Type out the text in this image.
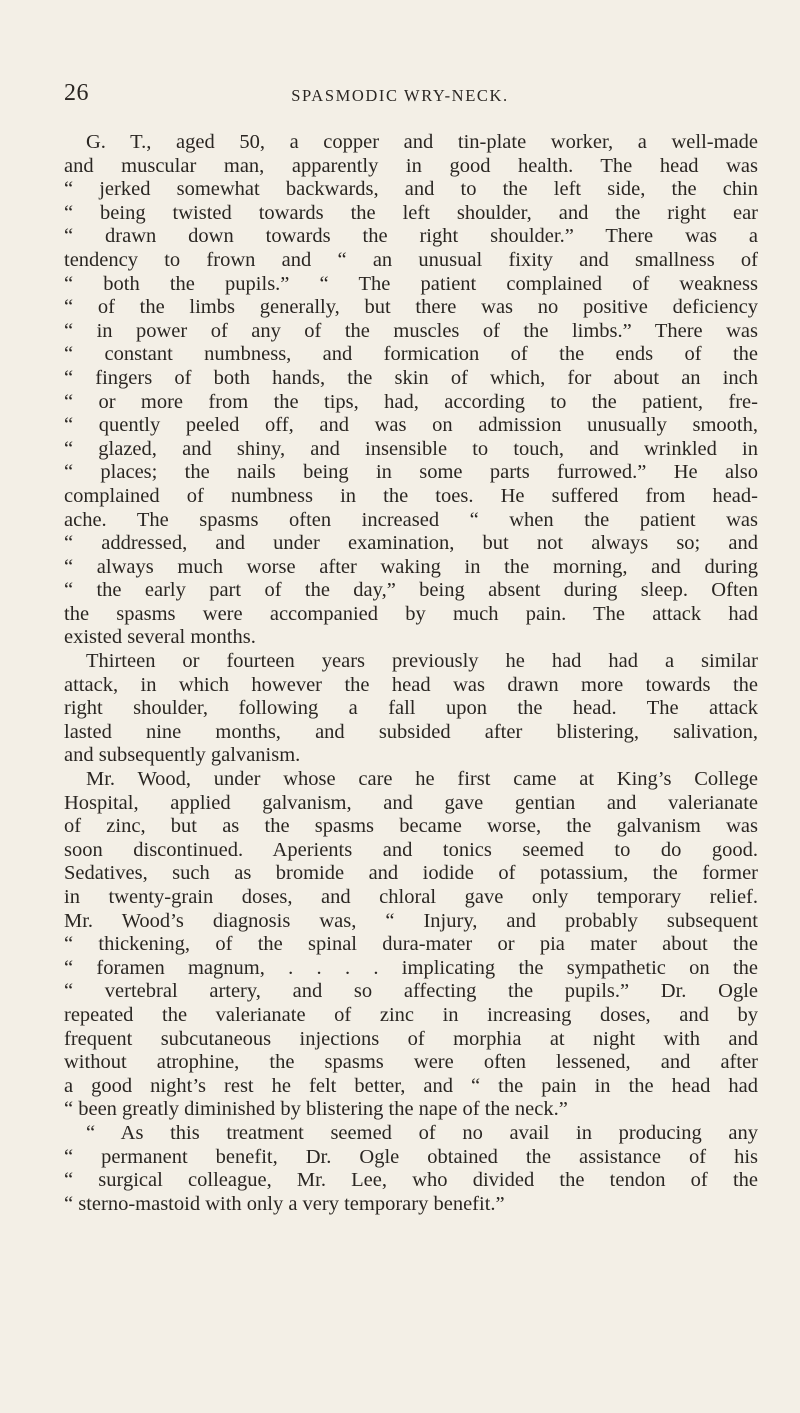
26	SPASMODIC WRY-NECK.
G. T., aged 50, a copper and tin-plate worker, a well-made
and muscular man, apparently in good health. The head was
“ jerked somewhat backwards, and to the left side, the chin
“ being twisted towards the left shoulder, and the right ear
“ drawn down towards the right shoulder.” There was a
tendency to frown and “ an unusual fixity and smallness of
“ both the pupils.” “ The patient complained of weakness
“ of the limbs generally, but there was no positive deficiency
“ in power of any of the muscles of the limbs.” There was
“ constant numbness, and formication of the ends of the
“ fingers of both hands, the skin of which, for about an inch
“ or more from the tips, had, according to the patient, fre-
“ quently peeled off, and was on admission unusually smooth,
“ glazed, and shiny, and insensible to touch, and wrinkled in
“ places; the nails being in some parts furrowed.” He also
complained of numbness in the toes. He suffered from head-
ache. The spasms often increased “ when the patient was
“ addressed, and under examination, but not always so; and
“ always much worse after waking in the morning, and during
“ the early part of the day,” being absent during sleep. Often
the spasms were accompanied by much pain. The attack had
existed several months.
Thirteen or fourteen years previously he had had a similar
attack, in which however the head was drawn more towards the
right shoulder, following a fall upon the head. The attack
lasted nine months, and subsided after blistering, salivation,
and subsequently galvanism.
Mr. Wood, under whose care he first came at King’s College
Hospital, applied galvanism, and gave gentian and valerianate
of zinc, but as the spasms became worse, the galvanism was
soon discontinued. Aperients and tonics seemed to do good.
Sedatives, such as bromide and iodide of potassium, the former
in twenty-grain doses, and chloral gave only temporary relief.
Mr. Wood’s diagnosis was, “ Injury, and probably subsequent
“ thickening, of the spinal dura-mater or pia mater about the
“ foramen magnum, . . . . implicating the sympathetic on the
“ vertebral artery, and so affecting the pupils.” Dr. Ogle
repeated the valerianate of zinc in increasing doses, and by
frequent subcutaneous injections of morphia at night with and
without atrophine, the spasms were often lessened, and after
a good night’s rest he felt better, and “ the pain in the head had
“ been greatly diminished by blistering the nape of the neck.”
“ As this treatment seemed of no avail in producing any
“ permanent benefit, Dr. Ogle obtained the assistance of his
“ surgical colleague, Mr. Lee, who divided the tendon of the
“ sterno-mastoid with only a very temporary benefit.”
